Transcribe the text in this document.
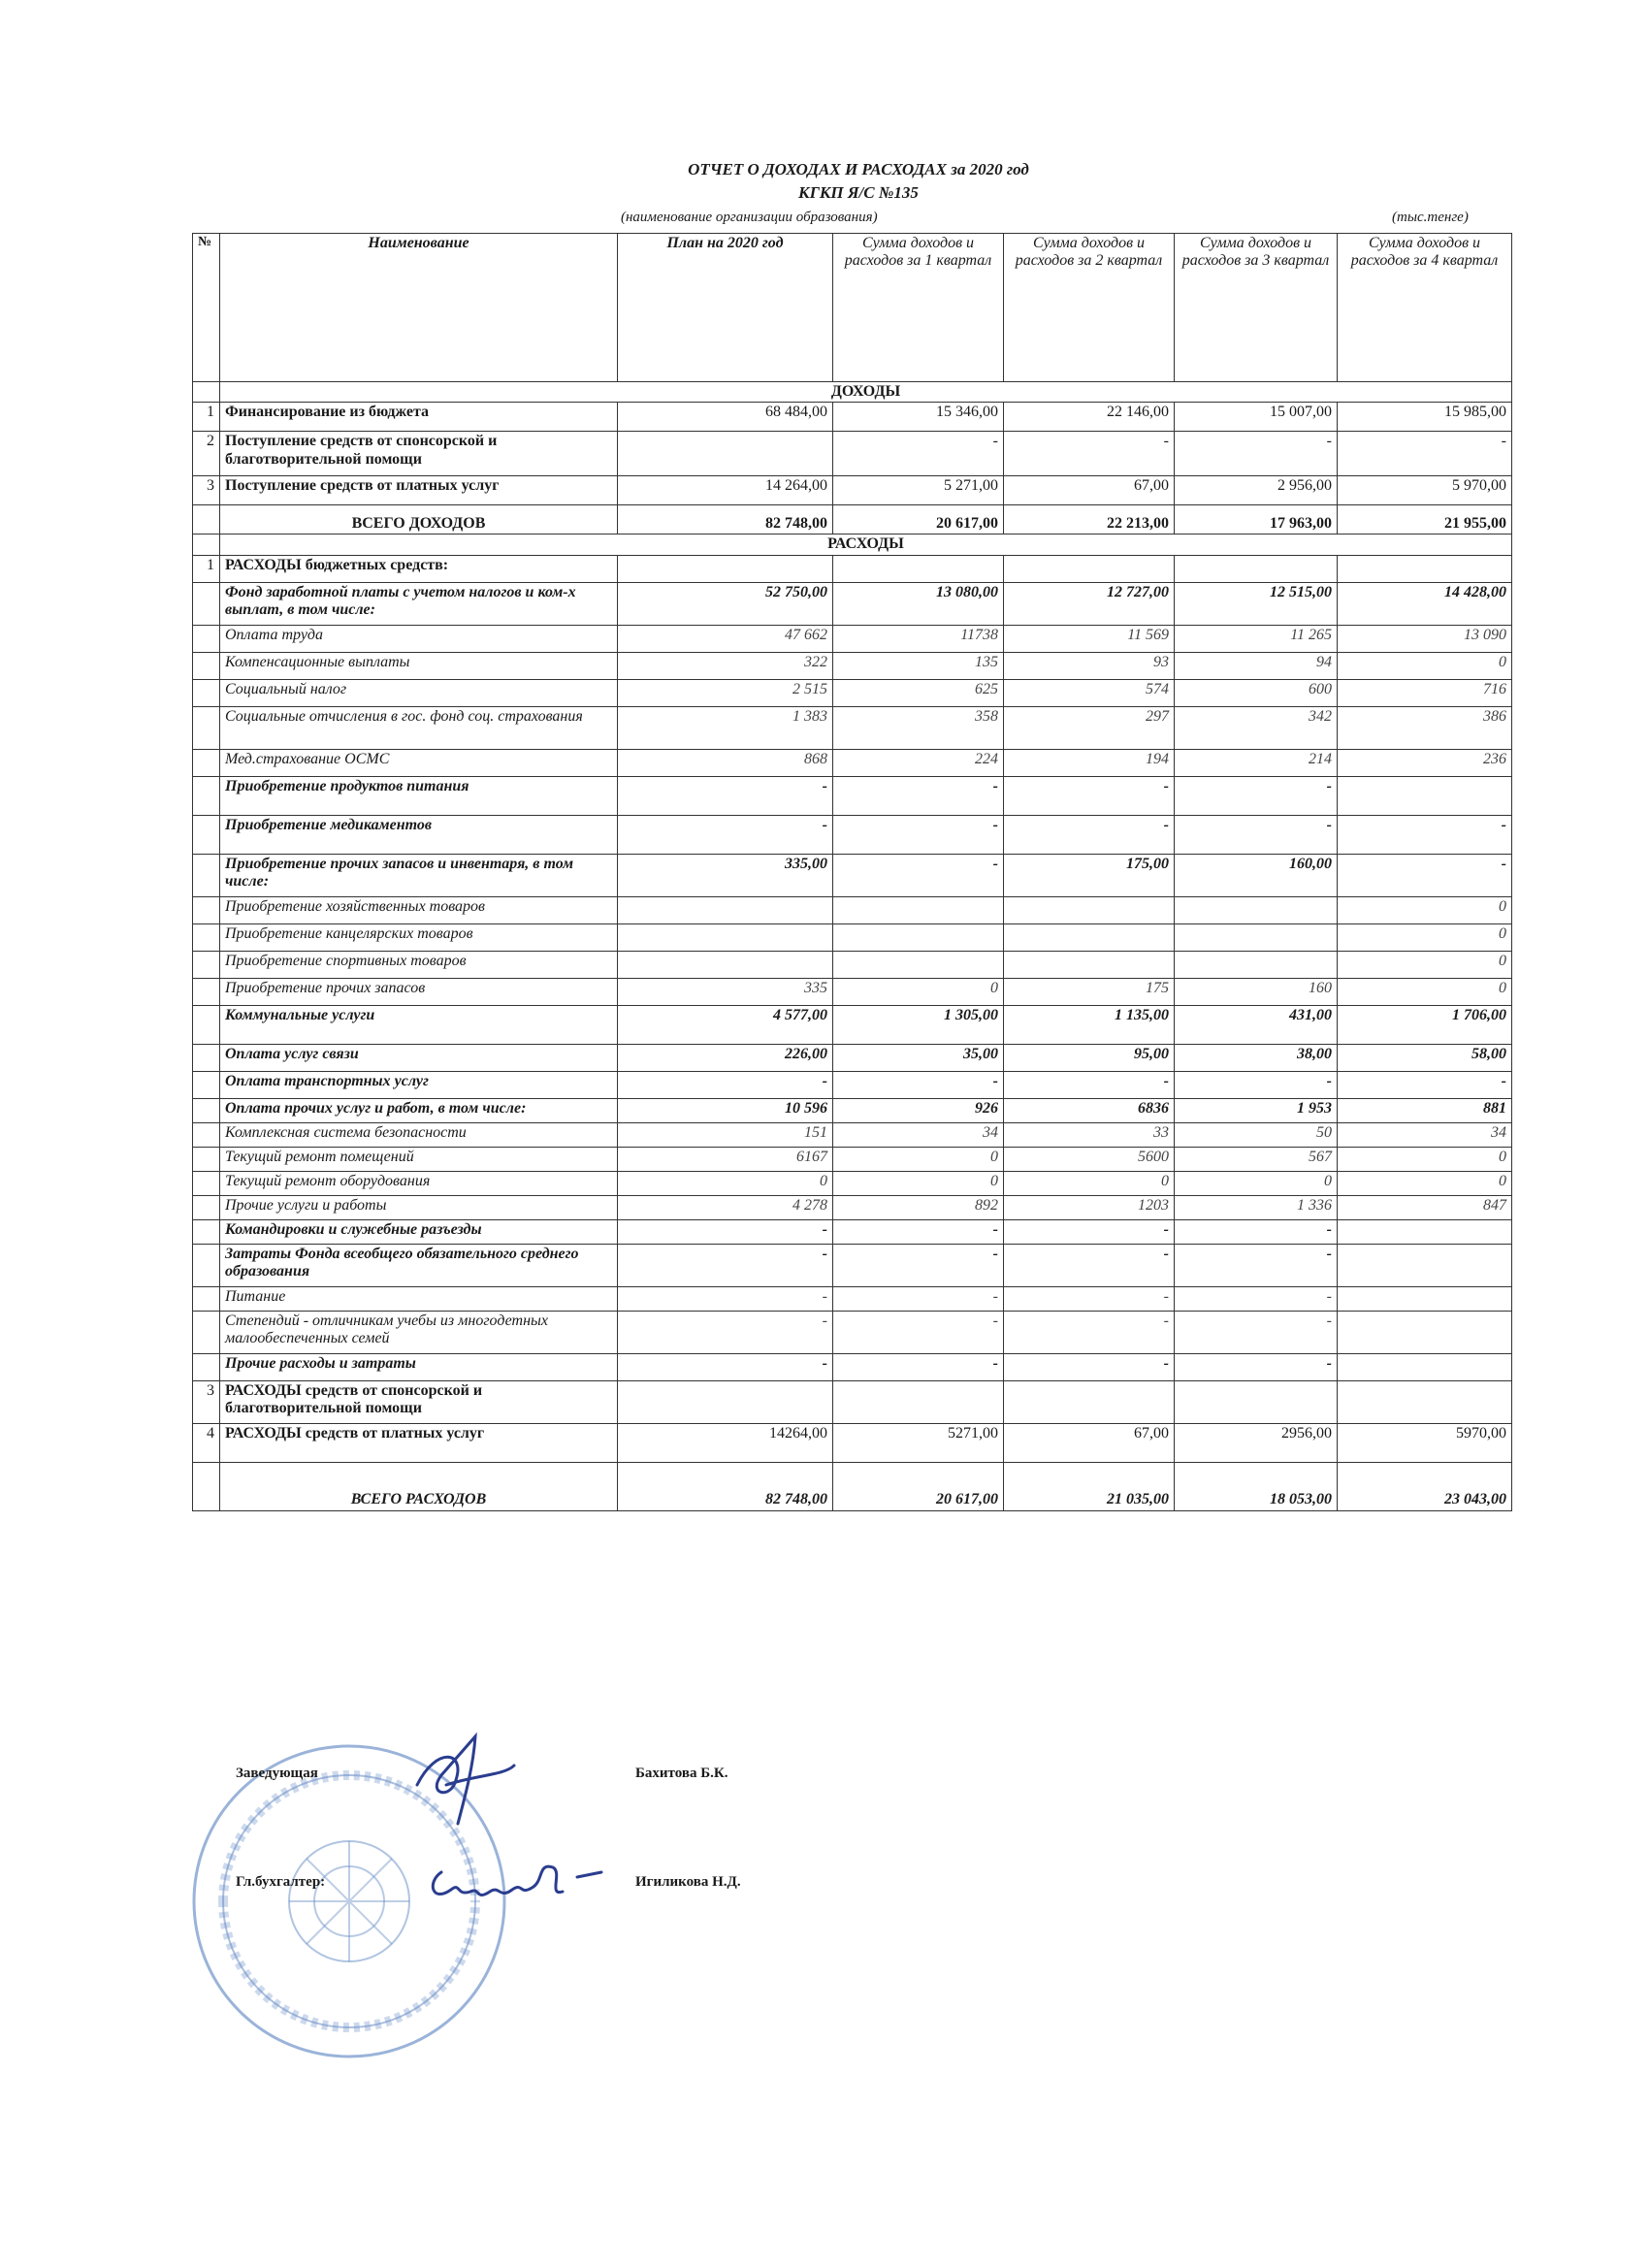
ОТЧЕТ О ДОХОДАХ И РАСХОДАХ за 2020 год
КГКП Я/С №135
(наименование организации образования)	(тыс.тенге)
№	Наименование	План на 2020 год	Сумма доходов и расходов за 1 квартал	Сумма доходов и расходов за 2 квартал	Сумма доходов и расходов за 3 квартал	Сумма доходов и расходов за 4 квартал
	ДОХОДЫ					
1	Финансирование из бюджета	68 484,00	15 346,00	22 146,00	15 007,00	15 985,00
2	Поступление средств от спонсорской и благотворительной помощи		-	-	-	-
3	Поступление средств от платных услуг	14 264,00	5 271,00	67,00	2 956,00	5 970,00
	ВСЕГО ДОХОДОВ	82 748,00	20 617,00	22 213,00	17 963,00	21 955,00
	РАСХОДЫ					
1	РАСХОДЫ бюджетных средств:					
	Фонд заработной платы с учетом налогов и ком-х выплат, в том числе:	52 750,00	13 080,00	12 727,00	12 515,00	14 428,00
	Оплата труда	47 662	11738	11 569	11 265	13 090
	Компенсационные выплаты	322	135	93	94	0
	Социальный налог	2 515	625	574	600	716
	Социальные отчисления в гос. фонд соц. страхования	1 383	358	297	342	386
	Мед.страхование ОСМС	868	224	194	214	236
	Приобретение продуктов питания	-	-	-	-	
	Приобретение медикаментов	-	-	-	-	-
	Приобретение прочих запасов и инвентаря, в том числе:	335,00	-	175,00	160,00	-
	Приобретение хозяйственных товаров					0
	Приобретение канцелярских товаров					0
	Приобретение спортивных товаров					0
	Приобретение прочих запасов	335	0	175	160	0
	Коммунальные услуги	4 577,00	1 305,00	1 135,00	431,00	1 706,00
	Оплата услуг связи	226,00	35,00	95,00	38,00	58,00
	Оплата транспортных услуг	-	-	-	-	-
	Оплата прочих услуг и работ, в том числе:	10 596	926	6836	1 953	881
	Комплексная система безопасности	151	34	33	50	34
	Текущий ремонт помещений	6167	0	5600	567	0
	Текущий ремонт оборудования	0	0	0	0	0
	Прочие услуги и работы	4 278	892	1203	1 336	847
	Командировки и служебные разъезды	-	-	-	-	
	Затраты Фонда всеобщего обязательного среднего образования	-	-	-	-	
	Питание	-	-	-	-	
	Степендий - отличникам учебы из многодетных малообеспеченных семей	-	-	-	-	
	Прочие расходы и затраты	-	-	-	-	
3	РАСХОДЫ средств от спонсорской и благотворительной помощи					
4	РАСХОДЫ средств от платных услуг	14264,00	5271,00	67,00	2956,00	5970,00
	ВСЕГО РАСХОДОВ	82 748,00	20 617,00	21 035,00	18 053,00	23 043,00
Заведующая	Бахитова Б.К.
Гл.бухгалтер:	Игиликова Н.Д.
